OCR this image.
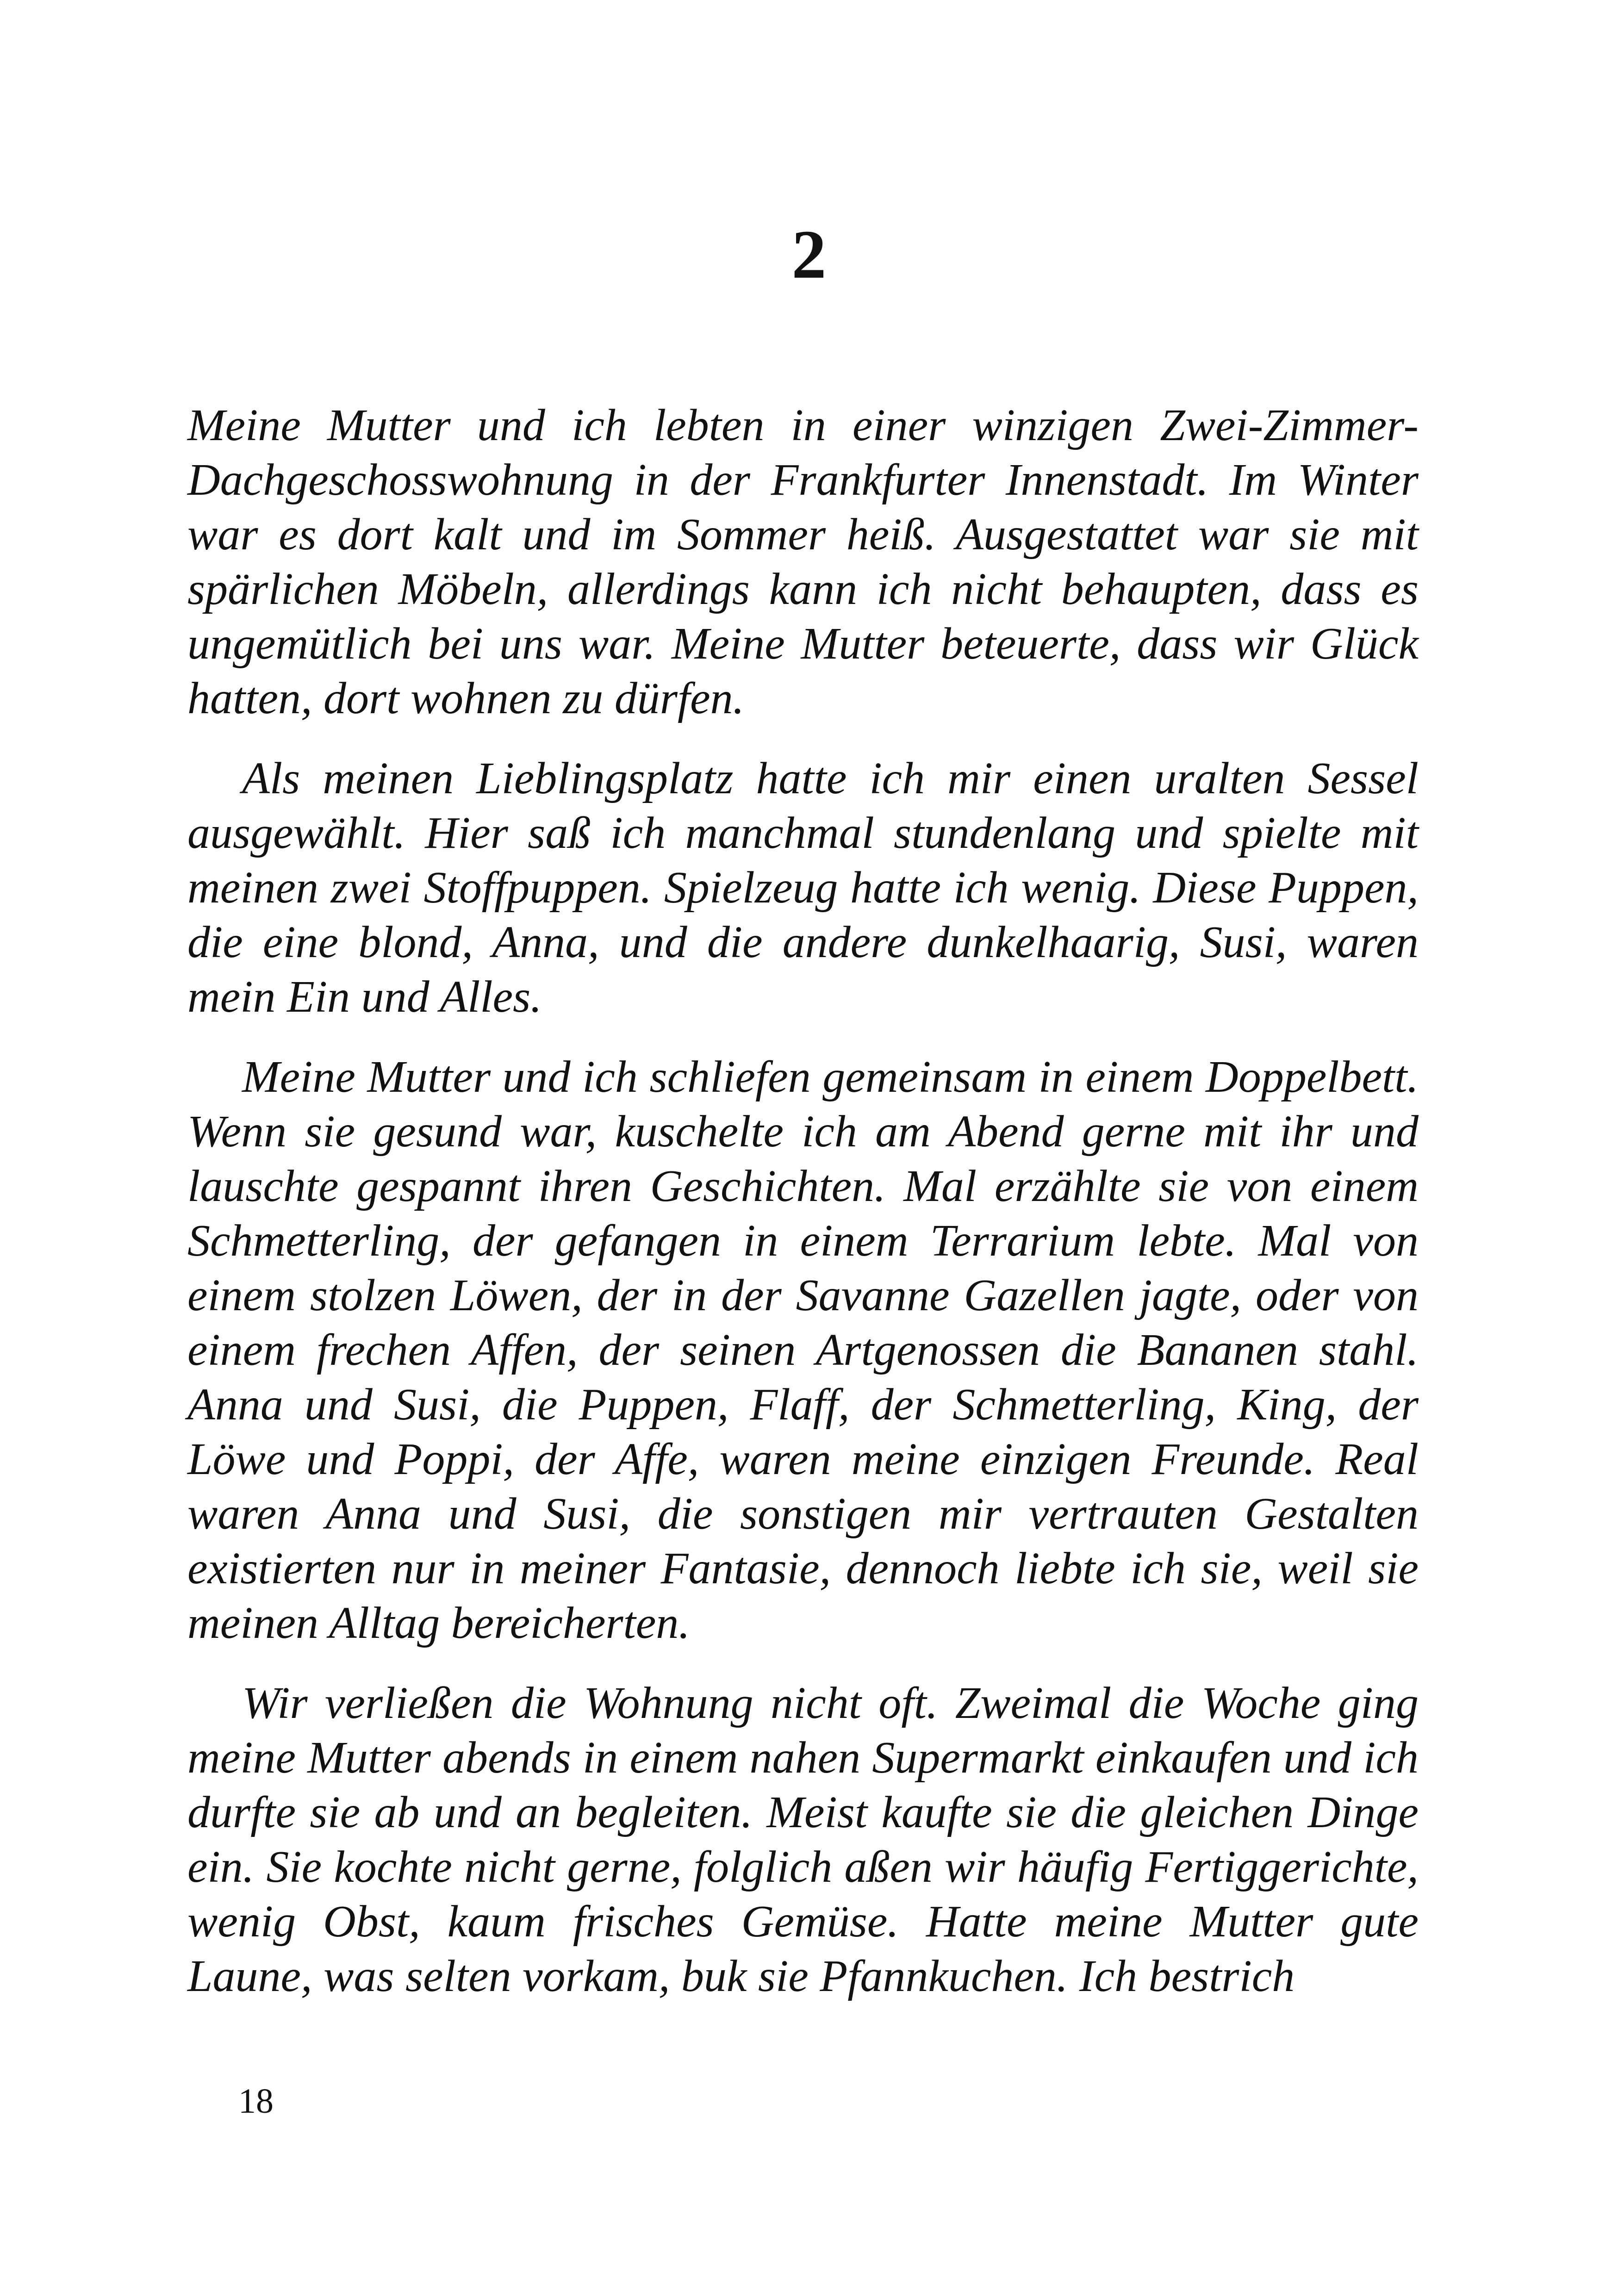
2

Meine Mutter und ich lebten in einer winzigen Zwei-Zimmer-Dachgeschosswohnung in der Frankfurter Innenstadt. Im Winter war es dort kalt und im Sommer heiß. Ausgestattet war sie mit spärlichen Möbeln, allerdings kann ich nicht behaupten, dass es ungemütlich bei uns war. Meine Mutter beteuerte, dass wir Glück hatten, dort wohnen zu dürfen.

Als meinen Lieblingsplatz hatte ich mir einen uralten Sessel ausgewählt. Hier saß ich manchmal stundenlang und spielte mit meinen zwei Stoffpuppen. Spielzeug hatte ich wenig. Diese Puppen, die eine blond, Anna, und die andere dunkelhaarig, Susi, waren mein Ein und Alles.

Meine Mutter und ich schliefen gemeinsam in einem Doppelbett. Wenn sie gesund war, kuschelte ich am Abend gerne mit ihr und lauschte gespannt ihren Geschichten. Mal erzählte sie von einem Schmetterling, der gefangen in einem Terrarium lebte. Mal von einem stolzen Löwen, der in der Savanne Gazellen jagte, oder von einem frechen Affen, der seinen Artgenossen die Bananen stahl. Anna und Susi, die Puppen, Flaff, der Schmetterling, King, der Löwe und Poppi, der Affe, waren meine einzigen Freunde. Real waren Anna und Susi, die sonstigen mir vertrauten Gestalten existierten nur in meiner Fantasie, dennoch liebte ich sie, weil sie meinen Alltag bereicherten.

Wir verließen die Wohnung nicht oft. Zweimal die Woche ging meine Mutter abends in einem nahen Supermarkt einkaufen und ich durfte sie ab und an begleiten. Meist kaufte sie die gleichen Dinge ein. Sie kochte nicht gerne, folglich aßen wir häufig Fertiggerichte, wenig Obst, kaum frisches Gemüse. Hatte meine Mutter gute Laune, was selten vorkam, buk sie Pfannkuchen. Ich bestrich

18
